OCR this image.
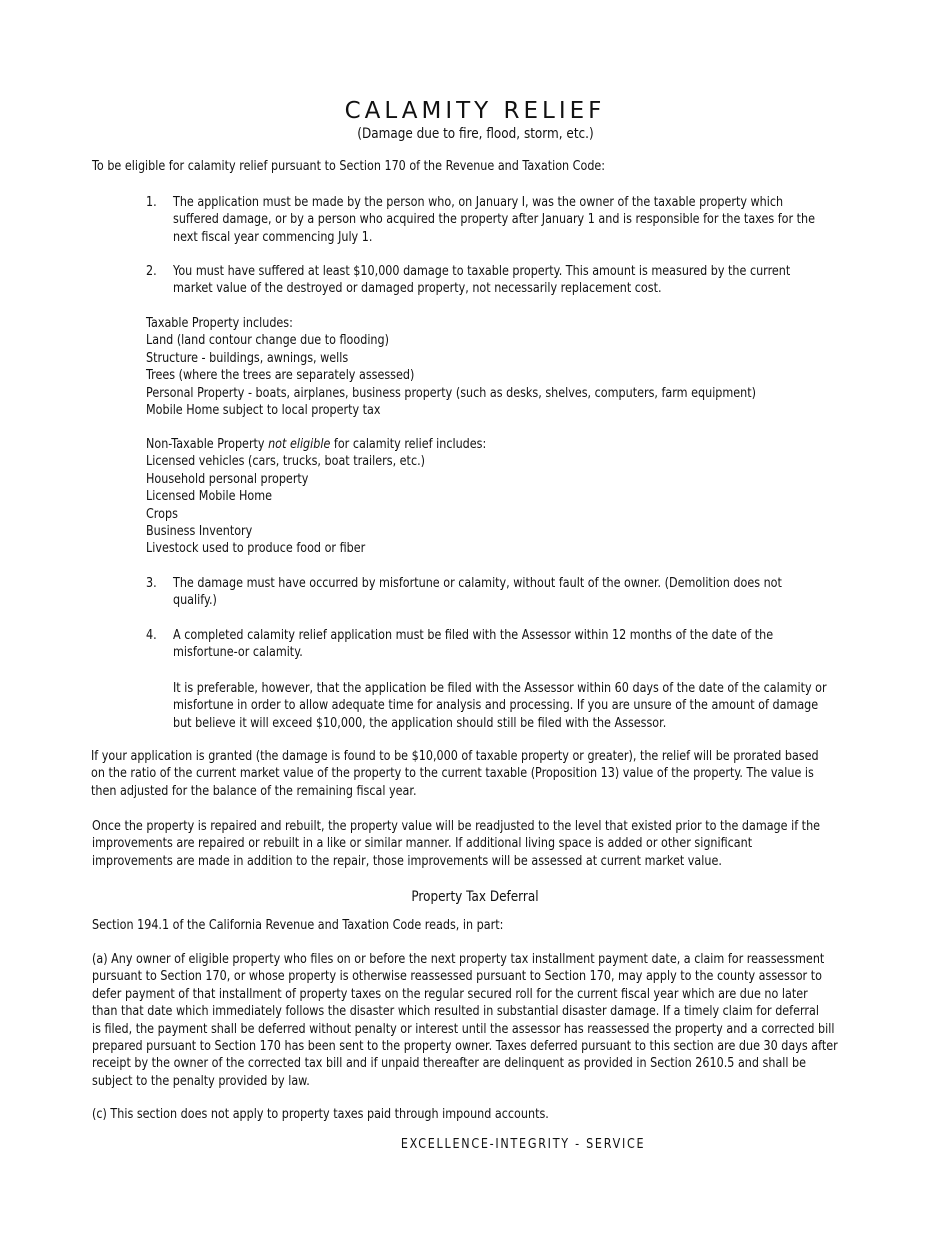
CALAMITY RELIEF
(Damage due to fire, flood, storm, etc.)

To be eligible for calamity relief pursuant to Section 170 of the Revenue and Taxation Code:

1. The application must be made by the person who, on January I, was the owner of the taxable property which
suffered damage, or by a person who acquired the property after January 1 and is responsible for the taxes for the
next fiscal year commencing July 1.
2. You must have suffered at least $10,000 damage to taxable property. This amount is measured by the current
market value of the destroyed or damaged property, not necessarily replacement cost.
Taxable Property includes:
Land (land contour change due to flooding)
Structure - buildings, awnings, wells
Trees (where the trees are separately assessed)
Personal Property - boats, airplanes, business property (such as desks, shelves, computers, farm equipment)
Mobile Home subject to local property tax
Non-Taxable Property not eligible for calamity relief includes:
Licensed vehicles (cars, trucks, boat trailers, etc.)
Household personal property
Licensed Mobile Home
Crops
Business Inventory
Livestock used to produce food or fiber
3. The damage must have occurred by misfortune or calamity, without fault of the owner. (Demolition does not
qualify.)
4. A completed calamity relief application must be filed with the Assessor within 12 months of the date of the
misfortune-or calamity.
It is preferable, however, that the application be filed with the Assessor within 60 days of the date of the calamity or
misfortune in order to allow adequate time for analysis and processing. If you are unsure of the amount of damage
but believe it will exceed $10,000, the application should still be filed with the Assessor.
If your application is granted (the damage is found to be $10,000 of taxable property or greater), the relief will be prorated based
on the ratio of the current market value of the property to the current taxable (Proposition 13) value of the property. The value is
then adjusted for the balance of the remaining fiscal year.
Once the property is repaired and rebuilt, the property value will be readjusted to the level that existed prior to the damage if the
improvements are repaired or rebuilt in a like or similar manner. If additional living space is added or other significant
improvements are made in addition to the repair, those improvements will be assessed at current market value.
Property Tax Deferral

Section 194.1 of the California Revenue and Taxation Code reads, in part:

(a) Any owner of eligible property who files on or before the next property tax installment payment date, a claim for reassessment
pursuant to Section 170, or whose property is otherwise reassessed pursuant to Section 170, may apply to the county assessor to
defer payment of that installment of property taxes on the regular secured roll for the current fiscal year which are due no later
than that date which immediately follows the disaster which resulted in substantial disaster damage. If a timely claim for deferral
is filed, the payment shall be deferred without penalty or interest until the assessor has reassessed the property and a corrected bill
prepared pursuant to Section 170 has been sent to the property owner. Taxes deferred pursuant to this section are due 30 days after
receipt by the owner of the corrected tax bill and if unpaid thereafter are delinquent as provided in Section 2610.5 and shall be
subject to the penalty provided by law.

(c) This section does not apply to property taxes paid through impound accounts.

EXCELLENCE-INTEGRITY - SERVICE
